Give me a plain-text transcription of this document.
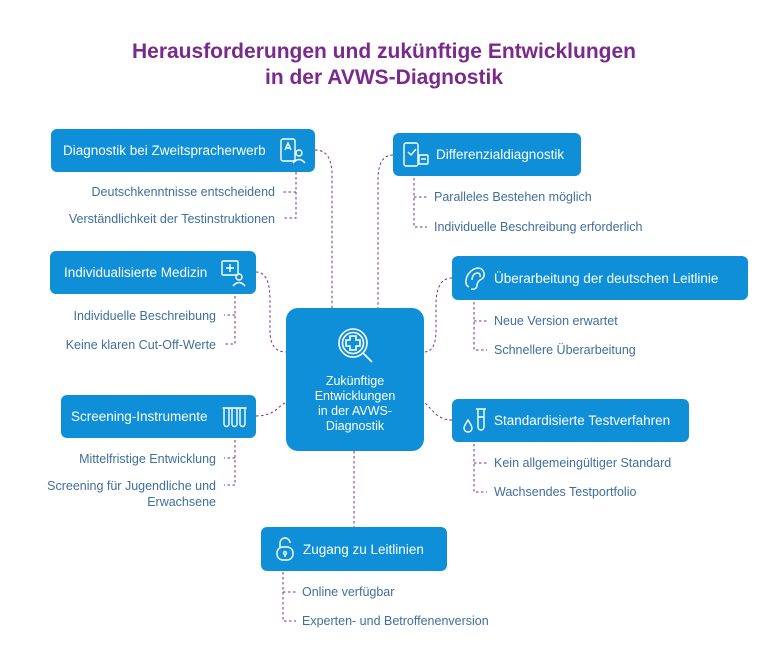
Herausforderungen und zukünftige Entwicklungen
in der AVWS-Diagnostik
Zukünftige
Entwicklungen
in der AVWS-
Diagnostik
Diagnostik bei Zweitspracherwerb
Deutschkenntnisse entscheidend
Verständlichkeit der Testinstruktionen
Individualisierte Medizin
Individuelle Beschreibung
Keine klaren Cut-Off-Werte
Screening-Instrumente
Mittelfristige Entwicklung
Screening für Jugendliche und
Erwachsene
Differenzialdiagnostik
Paralleles Bestehen möglich
Individuelle Beschreibung erforderlich
Überarbeitung der deutschen Leitlinie
Neue Version erwartet
Schnellere Überarbeitung
Standardisierte Testverfahren
Kein allgemeingültiger Standard
Wachsendes Testportfolio
Zugang zu Leitlinien
Online verfügbar
Experten- und Betroffenenversion
